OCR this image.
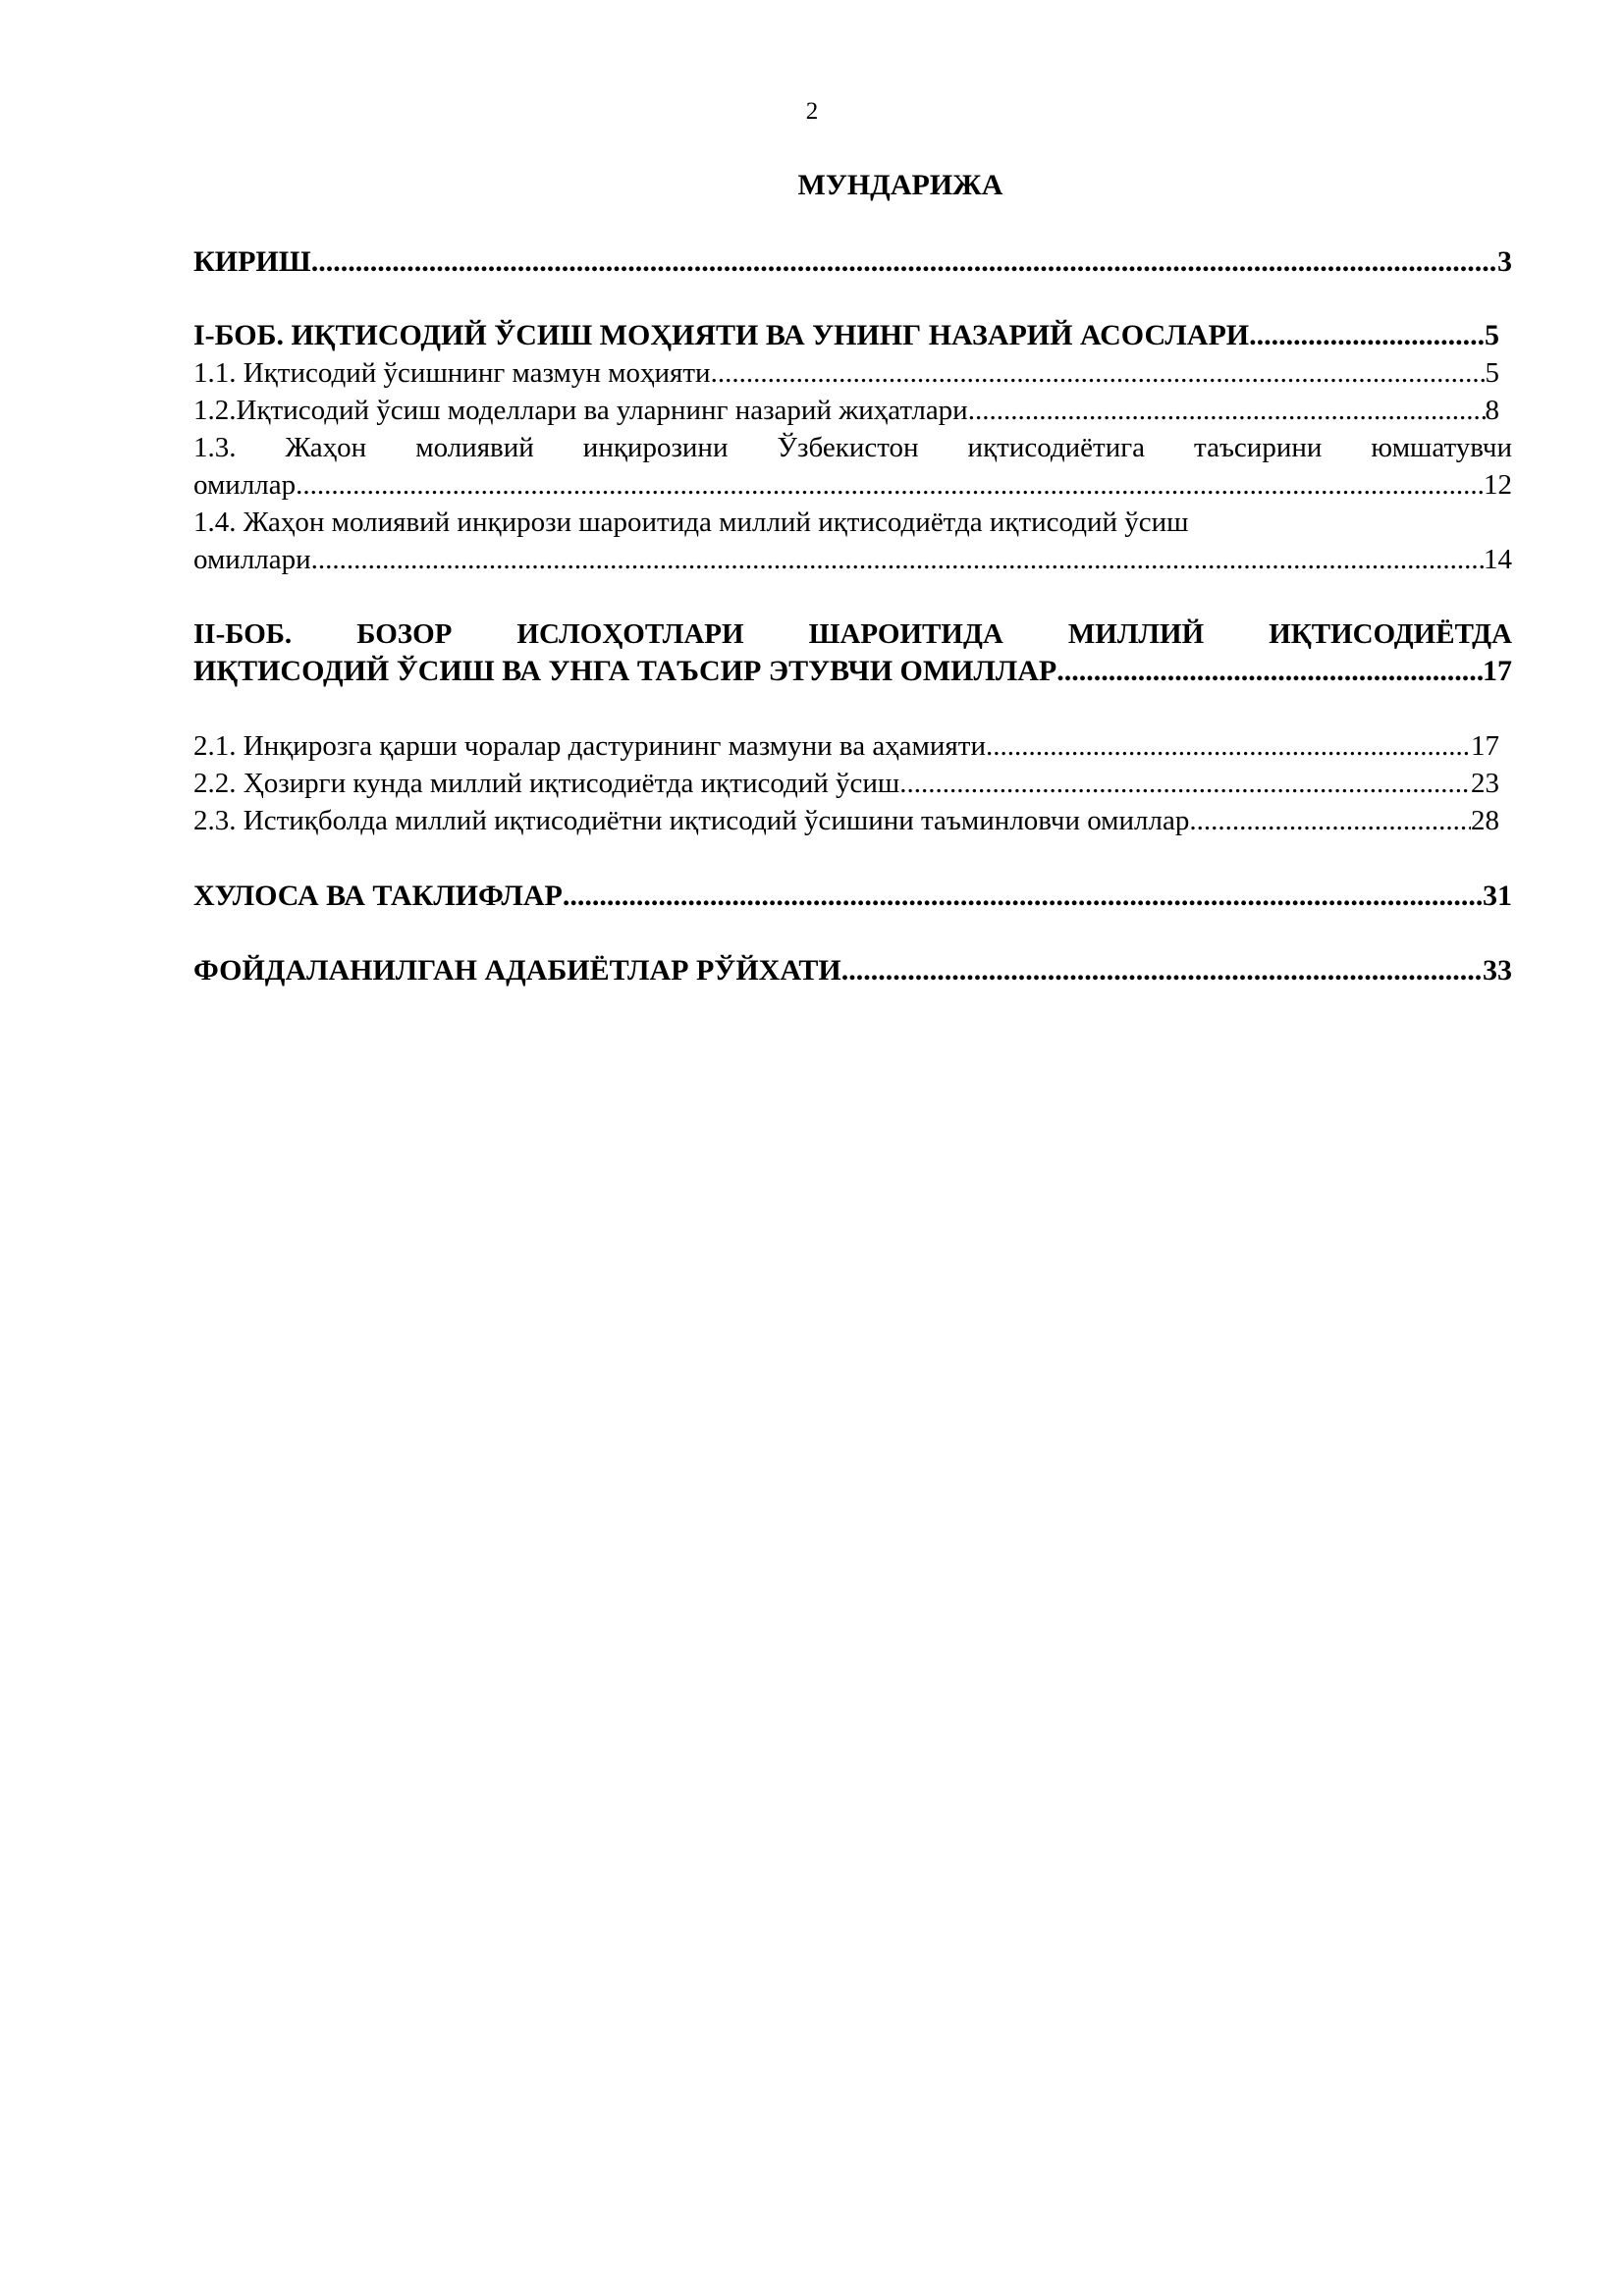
2
МУНДАРИЖА
КИРИШ .....	3
I-БОБ. ИҚТИСОДИЙ ЎСИШ МОҲИЯТИ ВА УНИНГ НАЗАРИЙ АСОСЛАРИ .....	5
1.1. Иқтисодий ўсишнинг мазмун моҳияти .....	5
1.2.Иқтисодий ўсиш моделлари ва уларнинг назарий жиҳатлари .....	8
1.3. Жаҳон молиявий инқирозини Ўзбекистон иқтисодиётига таъсирини юмшатувчи
омиллар .....	12
1.4. Жаҳон молиявий инқирози шароитида миллий иқтисодиётда иқтисодий ўсиш
омиллари .....	14
II-БОБ. БОЗОР ИСЛОҲОТЛАРИ ШАРОИТИДА МИЛЛИЙ ИҚТИСОДИЁТДА
ИҚТИСОДИЙ ЎСИШ ВА УНГА ТАЪСИР ЭТУВЧИ ОМИЛЛАР .....	17
2.1. Инқирозга қарши чоралар дастурининг мазмуни ва аҳамияти .....	17
2.2. Ҳозирги кунда миллий иқтисодиётда иқтисодий ўсиш .....	23
2.3. Истиқболда миллий иқтисодиётни иқтисодий ўсишини таъминловчи омиллар .....	28
ХУЛОСА ВА ТАКЛИФЛАР .....	31
ФОЙДАЛАНИЛГАН АДАБИЁТЛАР РЎЙХАТИ .....	33
